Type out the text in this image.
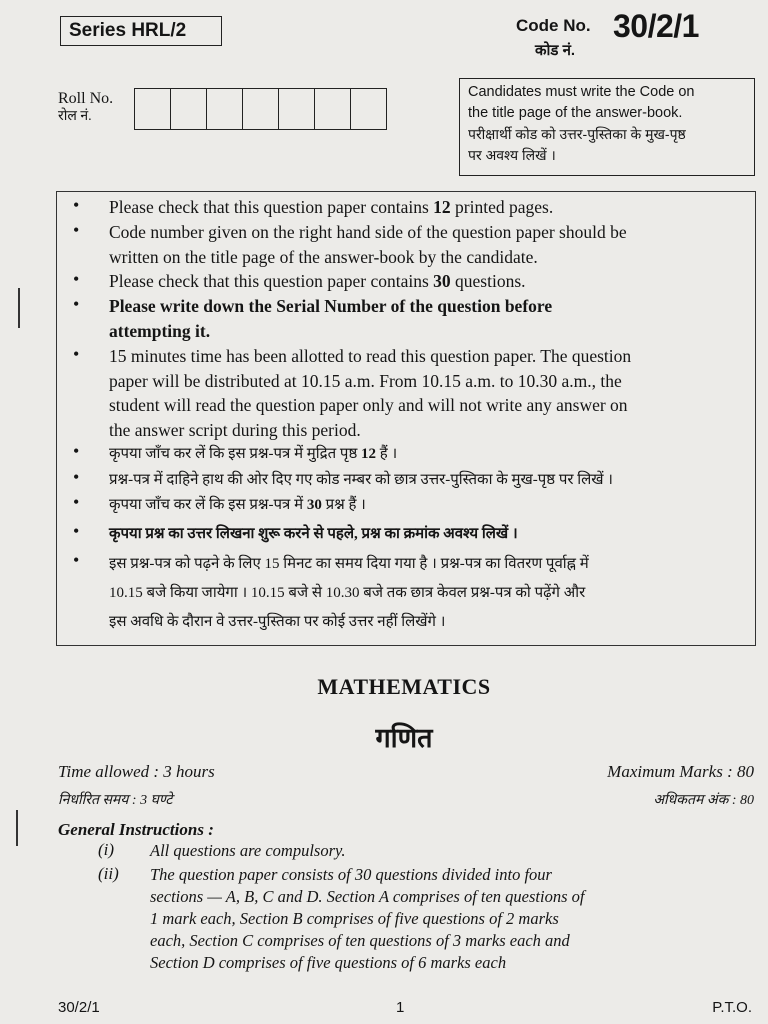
Series HRL/2	Code No. 30/2/1
कोड नं.
Roll No.
रोल नं.
Candidates must write the Code on
the title page of the answer-book.
परीक्षार्थी कोड को उत्तर-पुस्तिका के मुख-पृष्ठ
पर अवश्य लिखें ।
• Please check that this question paper contains 12 printed pages.
• Code number given on the right hand side of the question paper should be
written on the title page of the answer-book by the candidate.
• Please check that this question paper contains 30 questions.
• Please write down the Serial Number of the question before
attempting it.
• 15 minutes time has been allotted to read this question paper. The question
paper will be distributed at 10.15 a.m. From 10.15 a.m. to 10.30 a.m., the
student will read the question paper only and will not write any answer on
the answer script during this period.
• कृपया जाँच कर लें कि इस प्रश्न-पत्र में मुद्रित पृष्ठ 12 हैं ।
• प्रश्न-पत्र में दाहिने हाथ की ओर दिए गए कोड नम्बर को छात्र उत्तर-पुस्तिका के मुख-पृष्ठ पर लिखें ।
• कृपया जाँच कर लें कि इस प्रश्न-पत्र में 30 प्रश्न हैं ।
• कृपया प्रश्न का उत्तर लिखना शुरू करने से पहले, प्रश्न का क्रमांक अवश्य लिखें ।
• इस प्रश्न-पत्र को पढ़ने के लिए 15 मिनट का समय दिया गया है । प्रश्न-पत्र का वितरण पूर्वाह्न में
10.15 बजे किया जायेगा । 10.15 बजे से 10.30 बजे तक छात्र केवल प्रश्न-पत्र को पढ़ेंगे और
इस अवधि के दौरान वे उत्तर-पुस्तिका पर कोई उत्तर नहीं लिखेंगे ।
MATHEMATICS
गणित
Time allowed : 3 hours
निर्धारित समय : 3 घण्टे
Maximum Marks : 80
अधिकतम अंक : 80
General Instructions :
(i) All questions are compulsory.
(ii) The question paper consists of 30 questions divided into four
sections — A, B, C and D. Section A comprises of ten questions of
1 mark each, Section B comprises of five questions of 2 marks
each, Section C comprises of ten questions of 3 marks each and
Section D comprises of five questions of 6 marks each
30/2/1	1	P.T.O.
